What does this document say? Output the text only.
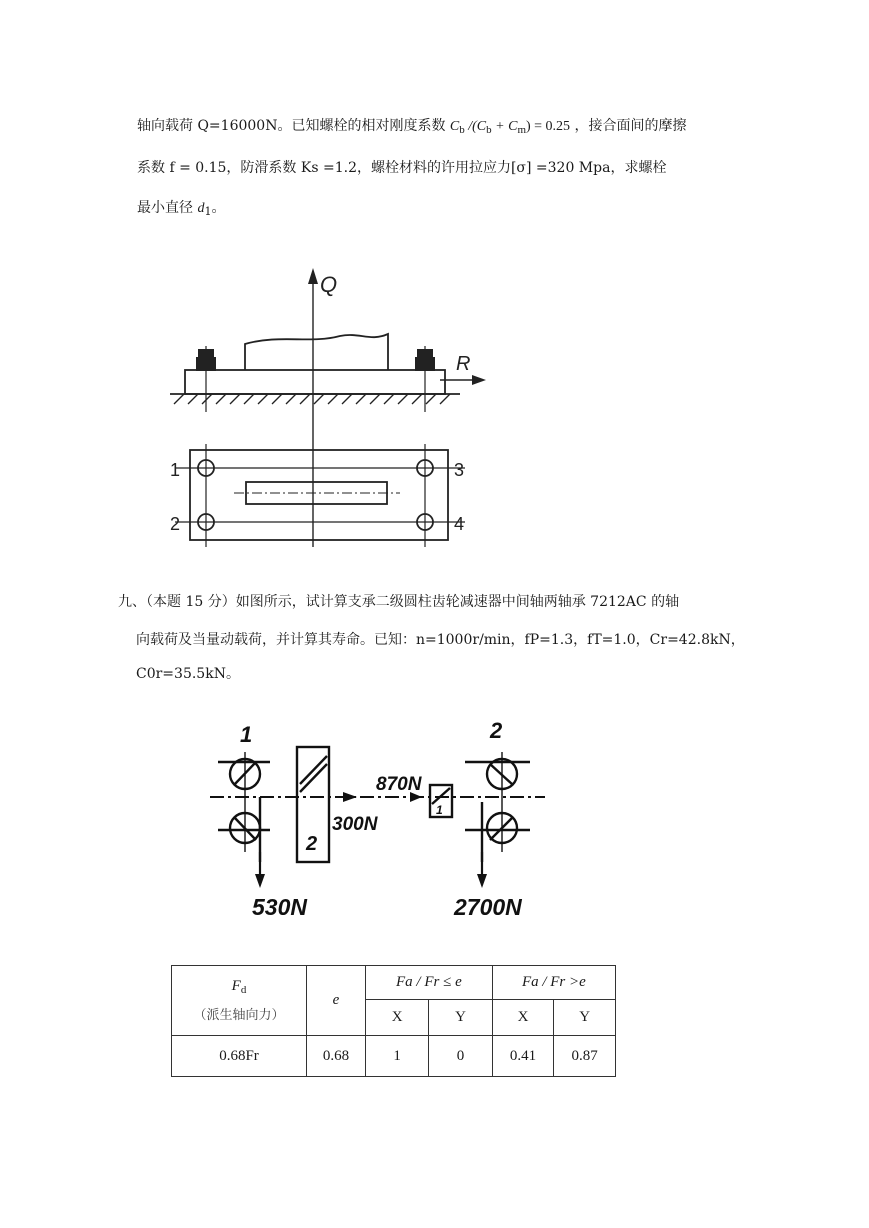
轴向载荷 Q=16000N。已知螺栓的相对刚度系数 $C_b$ $/(C_b + C_m) = 0.25$ ，接合面间的摩擦
系数 f = 0.15，防滑系数 Ks =1.2，螺栓材料的许用拉应力[σ] =320 Mpa，求螺栓
最小直径 $d_1$。
Q
R
1
2
3
4
九、（本题 15 分）如图所示，试计算支承二级圆柱齿轮减速器中间轴两轴承 7212AC 的轴
向载荷及当量动载荷，并计算其寿命。已知：n=1000r/min，fP=1.3，fT=1.0，Cr=42.8kN，
C0r=35.5kN。
1	2
2
1
300N
870N
530N	2700N
$F_d$
（派生轴向力）	e	Fa / Fr ≤ e		Fa / Fr >e	
		X	Y	X	Y
0.68Fr	0.68	1	0	0.41	0.87
